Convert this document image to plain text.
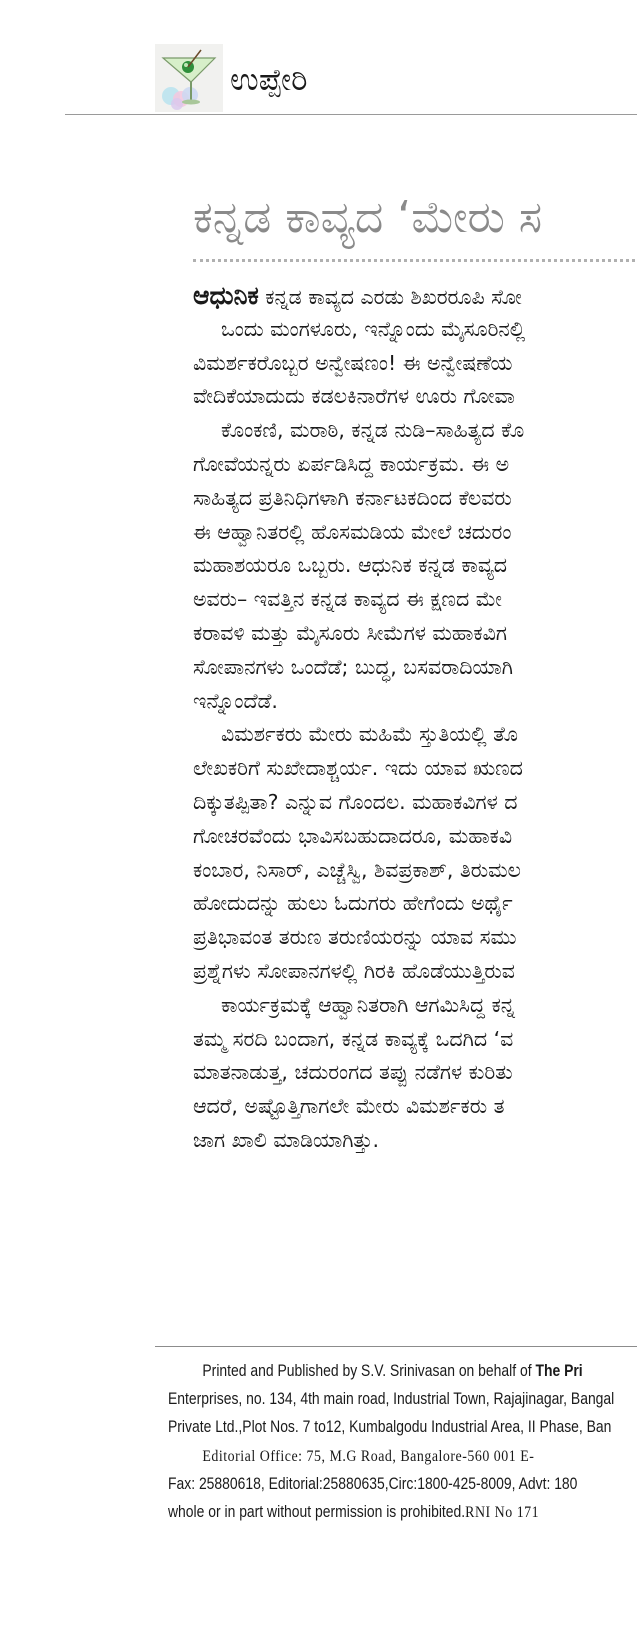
ಉಪ್ಪೇರಿ
ಕನ್ನಡ ಕಾವ್ಯದ ‘ಮೇರು ಸ
ಆಧುನಿಕ ಕನ್ನಡ ಕಾವ್ಯದ ಎರಡು ಶಿಖರರೂಪಿ ಸೋ
ಒಂದು ಮಂಗಳೂರು, ಇನ್ನೊಂದು ಮೈಸೂರಿನಲ್ಲಿ
ವಿಮರ್ಶಕರೊಬ್ಬರ ಅನ್ವೇಷಣಂ! ಈ ಅನ್ವೇಷಣೆಯ
ವೇದಿಕೆಯಾದುದು ಕಡಲಕಿನಾರೆಗಳ ಊರು ಗೋವಾ
ಕೊಂಕಣಿ, ಮರಾಠಿ, ಕನ್ನಡ ನುಡಿ–ಸಾಹಿತ್ಯದ ಕೊ
ಗೋವೆಯನ್ನರು ಏರ್ಪಡಿಸಿದ್ದ ಕಾರ್ಯಕ್ರಮ. ಈ ಅ
ಸಾಹಿತ್ಯದ ಪ್ರತಿನಿಧಿಗಳಾಗಿ ಕರ್ನಾಟಕದಿಂದ ಕೆಲವರು
ಈ ಆಹ್ವಾನಿತರಲ್ಲಿ ಹೊಸಮಡಿಯ ಮೇಲೆ ಚದುರಂ
ಮಹಾಶಯರೂ ಒಬ್ಬರು. ಆಧುನಿಕ ಕನ್ನಡ ಕಾವ್ಯದ
ಅವರು– ಇವತ್ತಿನ ಕನ್ನಡ ಕಾವ್ಯದ ಈ ಕ್ಷಣದ ಮೇ
ಕರಾವಳಿ ಮತ್ತು ಮೈಸೂರು ಸೀಮೆಗಳ ಮಹಾಕವಿಗ
ಸೋಪಾನಗಳು ಒಂದೆಡೆ; ಬುದ್ಧ, ಬಸವರಾದಿಯಾಗಿ
ಇನ್ನೊಂದೆಡೆ.
ವಿಮರ್ಶಕರು ಮೇರು ಮಹಿಮೆ ಸ್ತುತಿಯಲ್ಲಿ ತೊ
ಲೇಖಕರಿಗೆ ಸುಖೇದಾಶ್ಚರ್ಯ. ಇದು ಯಾವ ಋಣದ
ದಿಕ್ಕುತಪ್ಪಿತಾ? ಎನ್ನುವ ಗೊಂದಲ. ಮಹಾಕವಿಗಳ ದ
ಗೋಚರವೆಂದು ಭಾವಿಸಬಹುದಾದರೂ, ಮಹಾಕವಿ
ಕಂಬಾರ, ನಿಸಾರ್, ಎಚ್ಚೆಸ್ವಿ, ಶಿವಪ್ರಕಾಶ್, ತಿರುಮಲ
ಹೋದುದನ್ನು ಹುಲು ಓದುಗರು ಹೇಗೆಂದು ಅರ್ಥೈ
ಪ್ರತಿಭಾವಂತ ತರುಣ ತರುಣಿಯರನ್ನು ಯಾವ ಸಮು
ಪ್ರಶ್ನೆಗಳು ಸೋಪಾನಗಳಲ್ಲಿ ಗಿರಕಿ ಹೊಡೆಯುತ್ತಿರುವ
ಕಾರ್ಯಕ್ರಮಕ್ಕೆ ಆಹ್ವಾನಿತರಾಗಿ ಆಗಮಿಸಿದ್ದ ಕನ್ನ
ತಮ್ಮ ಸರದಿ ಬಂದಾಗ, ಕನ್ನಡ ಕಾವ್ಯಕ್ಕೆ ಒದಗಿದ ‘ವ
ಮಾತನಾಡುತ್ತ, ಚದುರಂಗದ ತಪ್ಪು ನಡೆಗಳ ಕುರಿತು
ಆದರೆ, ಅಷ್ಟೊತ್ತಿಗಾಗಲೇ ಮೇರು ವಿಮರ್ಶಕರು ತ
ಜಾಗ ಖಾಲಿ ಮಾಡಿಯಾಗಿತ್ತು.
Printed and Published by S.V. Srinivasan on behalf of The Pri
Enterprises, no. 134, 4th main road, Industrial Town, Rajajinagar, Bangal
Private Ltd.,Plot Nos. 7 to12, Kumbalgodu Industrial Area, II Phase, Ban
Editorial Office: 75, M.G Road, Bangalore-560 001 E-
Fax: 25880618, Editorial:25880635,Circ:1800-425-8009, Advt: 180
whole or in part without permission is prohibited.RNI No 171
